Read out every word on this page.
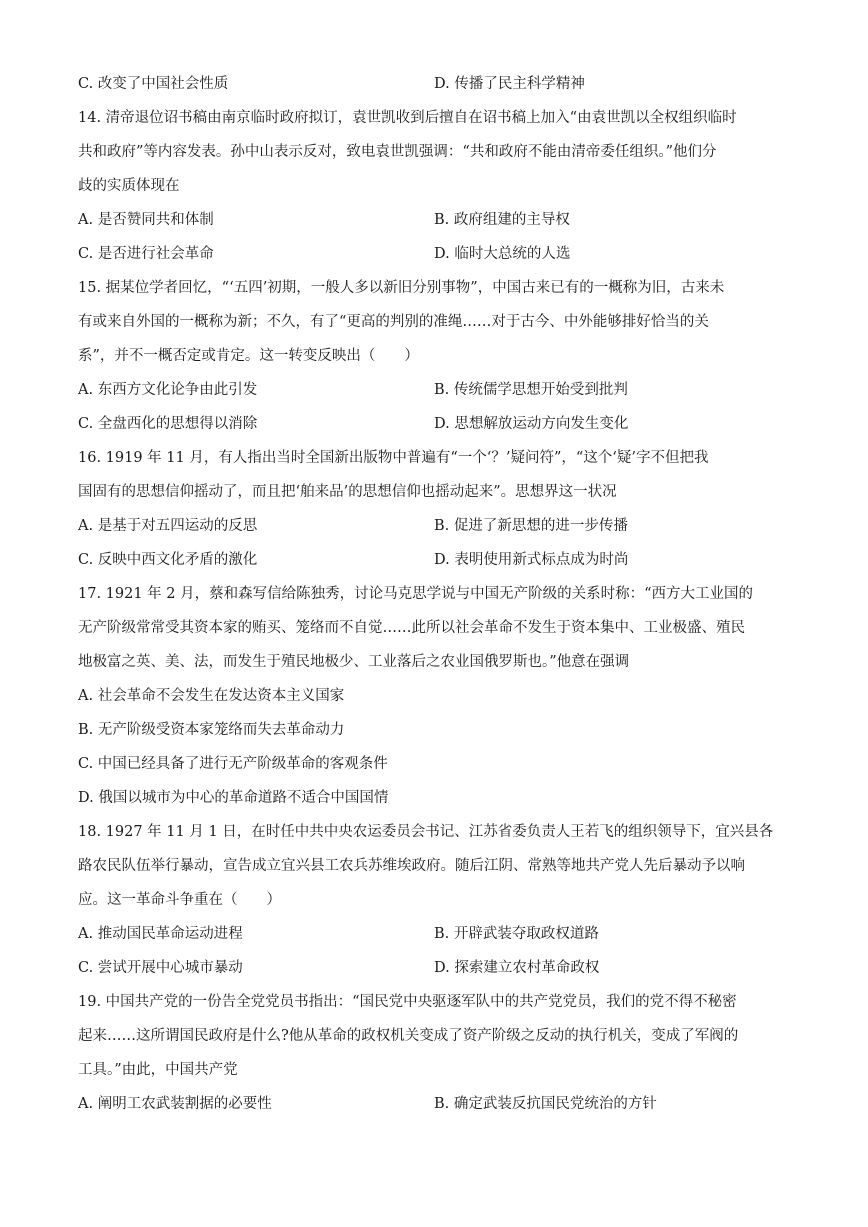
C. 改变了中国社会性质	D. 传播了民主科学精神
14. 清帝退位诏书稿由南京临时政府拟订，袁世凯收到后擅自在诏书稿上加入“由袁世凯以全权组织临时
共和政府”等内容发表。孙中山表示反对，致电袁世凯强调：“共和政府不能由清帝委任组织。”他们分
歧的实质体现在
A. 是否赞同共和体制	B. 政府组建的主导权
C. 是否进行社会革命	D. 临时大总统的人选
15. 据某位学者回忆，“‘五四’初期，一般人多以新旧分别事物”，中国古来已有的一概称为旧，古来未
有或来自外国的一概称为新；不久，有了“更高的判别的准绳……对于古今、中外能够排好恰当的关
系”，并不一概否定或肯定。这一转变反映出（　　）
A. 东西方文化论争由此引发	B. 传统儒学思想开始受到批判
C. 全盘西化的思想得以消除	D. 思想解放运动方向发生变化
16. 1919 年 11 月，有人指出当时全国新出版物中普遍有“一个‘？’疑问符”，“这个‘疑’字不但把我
国固有的思想信仰摇动了，而且把‘舶来品’的思想信仰也摇动起来”。思想界这一状况
A. 是基于对五四运动的反思	B. 促进了新思想的进一步传播
C. 反映中西文化矛盾的激化	D. 表明使用新式标点成为时尚
17. 1921 年 2 月，蔡和森写信给陈独秀，讨论马克思学说与中国无产阶级的关系时称：“西方大工业国的
无产阶级常常受其资本家的贿买、笼络而不自觉……此所以社会革命不发生于资本集中、工业极盛、殖民
地极富之英、美、法，而发生于殖民地极少、工业落后之农业国俄罗斯也。”他意在强调
A. 社会革命不会发生在发达资本主义国家
B. 无产阶级受资本家笼络而失去革命动力
C. 中国已经具备了进行无产阶级革命的客观条件
D. 俄国以城市为中心的革命道路不适合中国国情
18. 1927 年 11 月 1 日，在时任中共中央农运委员会书记、江苏省委负责人王若飞的组织领导下，宜兴县各
路农民队伍举行暴动，宣告成立宜兴县工农兵苏维埃政府。随后江阴、常熟等地共产党人先后暴动予以响
应。这一革命斗争重在（　　）
A. 推动国民革命运动进程	B. 开辟武装夺取政权道路
C. 尝试开展中心城市暴动	D. 探索建立农村革命政权
19. 中国共产党的一份告全党党员书指出：“国民党中央驱逐军队中的共产党党员，我们的党不得不秘密
起来……这所谓国民政府是什么?他从革命的政权机关变成了资产阶级之反动的执行机关，变成了军阀的
工具。”由此，中国共产党
A. 阐明工农武装割据的必要性	B. 确定武装反抗国民党统治的方针
